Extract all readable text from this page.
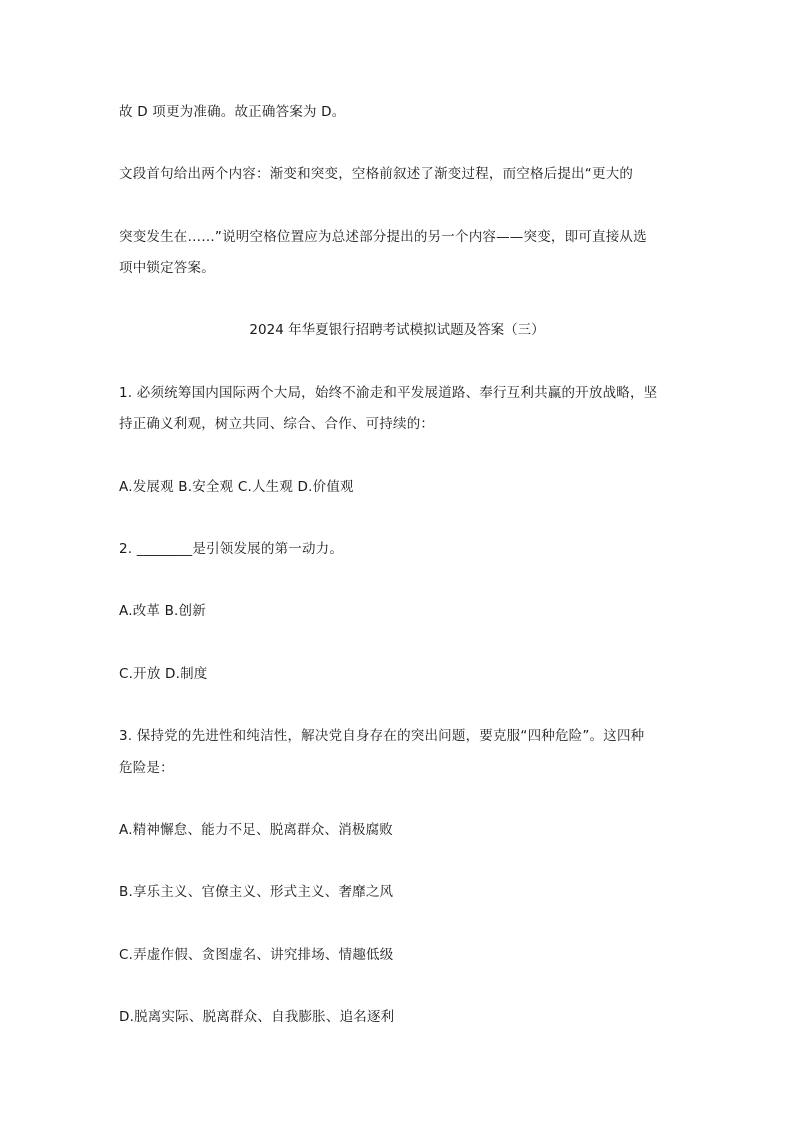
故 D 项更为准确。故正确答案为 D。
文段首句给出两个内容：渐变和突变，空格前叙述了渐变过程，而空格后提出“更大的
突变发生在……”说明空格位置应为总述部分提出的另一个内容——突变，即可直接从选
项中锁定答案。
2024 年华夏银行招聘考试模拟试题及答案（三）
1. 必须统筹国内国际两个大局，始终不渝走和平发展道路、奉行互利共赢的开放战略，坚
持正确义利观，树立共同、综合、合作、可持续的：
A.发展观 B.安全观 C.人生观 D.价值观
2. ________是引领发展的第一动力。
A.改革 B.创新
C.开放 D.制度
3. 保持党的先进性和纯洁性，解决党自身存在的突出问题，要克服“四种危险”。这四种
危险是：
A.精神懈怠、能力不足、脱离群众、消极腐败
B.享乐主义、官僚主义、形式主义、奢靡之风
C.弄虚作假、贪图虚名、讲究排场、情趣低级
D.脱离实际、脱离群众、自我膨胀、追名逐利
